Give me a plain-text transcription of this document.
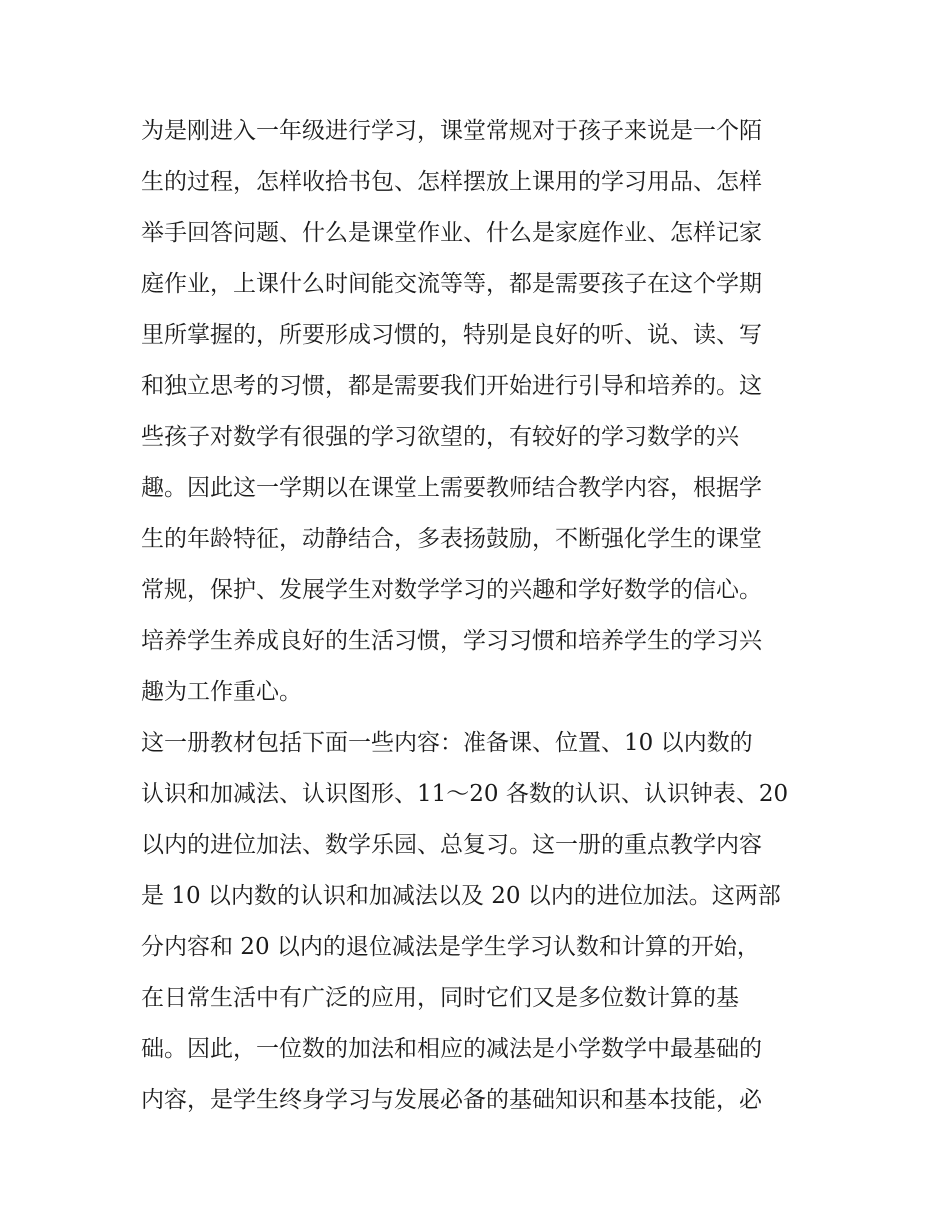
为是刚进入一年级进行学习，课堂常规对于孩子来说是一个陌
生的过程，怎样收拾书包、怎样摆放上课用的学习用品、怎样
举手回答问题、什么是课堂作业、什么是家庭作业、怎样记家
庭作业，上课什么时间能交流等等，都是需要孩子在这个学期
里所掌握的，所要形成习惯的，特别是良好的听、说、读、写
和独立思考的习惯，都是需要我们开始进行引导和培养的。这
些孩子对数学有很强的学习欲望的，有较好的学习数学的兴
趣。因此这一学期以在课堂上需要教师结合教学内容，根据学
生的年龄特征，动静结合，多表扬鼓励，不断强化学生的课堂
常规，保护、发展学生对数学学习的兴趣和学好数学的信心。
培养学生养成良好的生活习惯，学习习惯和培养学生的学习兴
趣为工作重心。
这一册教材包括下面一些内容：准备课、位置、10 以内数的
认识和加减法、认识图形、11～20 各数的认识、认识钟表、20
以内的进位加法、数学乐园、总复习。这一册的重点教学内容
是 10 以内数的认识和加减法以及 20 以内的进位加法。这两部
分内容和 20 以内的退位减法是学生学习认数和计算的开始，
在日常生活中有广泛的应用，同时它们又是多位数计算的基
础。因此，一位数的加法和相应的减法是小学数学中最基础的
内容，是学生终身学习与发展必备的基础知识和基本技能，必
